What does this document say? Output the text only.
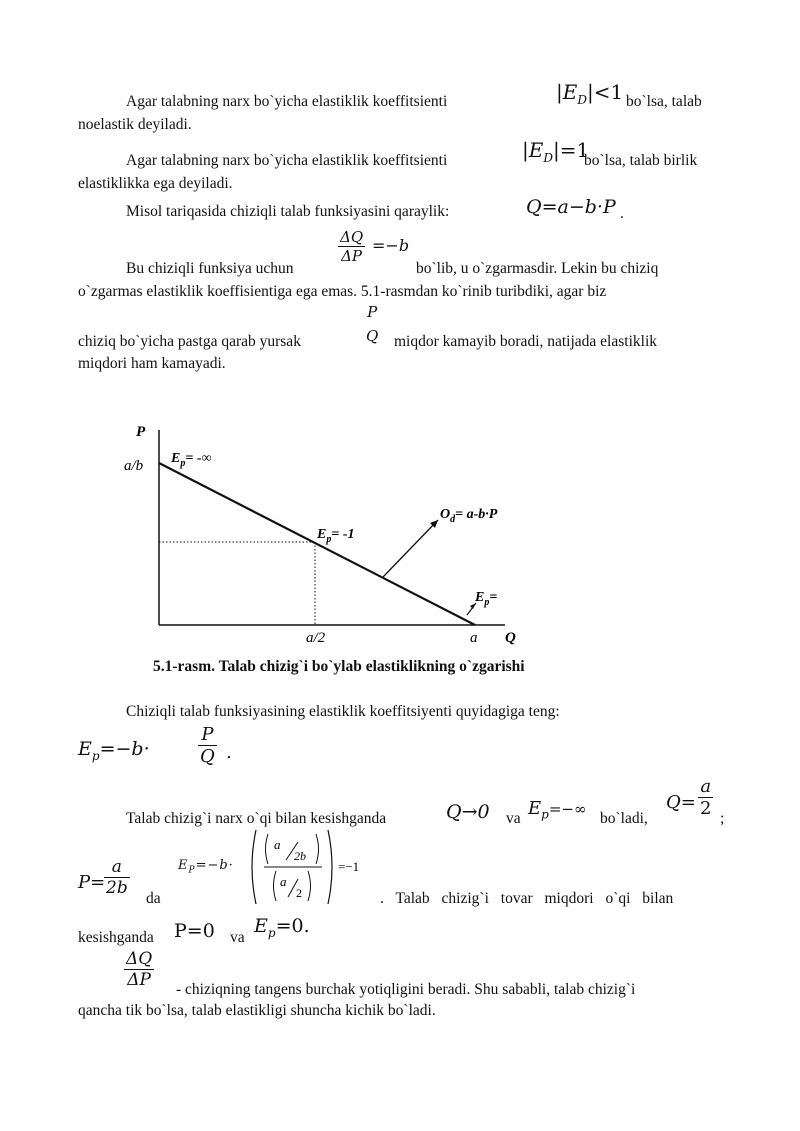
Agar talabning narx bo`yicha elastiklik koeffitsienti	$|E_D|<1$ bo`lsa, talab
noelastik deyiladi.
Agar talabning narx bo`yicha elastiklik koeffitsienti	$|E_D|=1$
bo`lsa, talab birlik
elastiklikka ega deyiladi.
Misol tariqasida chiziqli talab funksiyasini qaraylik:	Q=a−b·P .
$\frac{\Delta Q}{\Delta P} =-b$
Bu chiziqli funksiya uchun	bo`lib, u o`zgarmasdir. Lekin bu chiziq
o`zgarmas elastiklik koeffisientiga ega emas. 5.1-rasmdan ko`rinib turibdiki, agar biz
P
Q
chiziq bo`yicha pastga qarab yursak	miqdor kamayib boradi, natijada elastiklik
miqdori ham kamayadi.
P
Q
a/b
a/2	a
$E_p=$ -∞
$E_p= -1$
$E_p=$
$O_d= a-b\cdot P$
5.1-rasm. Talab chizig`i bo`ylab elastiklikning o`zgarishi
Chiziqli talab funksiyasining elastiklik koeffitsiyenti quyidagiga teng:
$E_p=-b\cdot$	$\frac{P}{Q}$ .
Talab chizig`i narx o`qi bilan kesishganda	Q→0 va $E_p=-\infty$
bo`ladi,
$Q= \frac{a}{2}$ ;
P=
$\frac{a}{2b}$
da
$E_P=-b\cdot$
a
2b
a
2
=−1
. Talab chizig`i tovar miqdori o`qi bilan
kesishganda P=0 va
$E_p=0$.
$\frac{\Delta Q}{\Delta P}$ - chiziqning tangens burchak yotiqligini beradi. Shu sababli, talab chizig`i
qancha tik bo`lsa, talab elastikligi shuncha kichik bo`ladi.
